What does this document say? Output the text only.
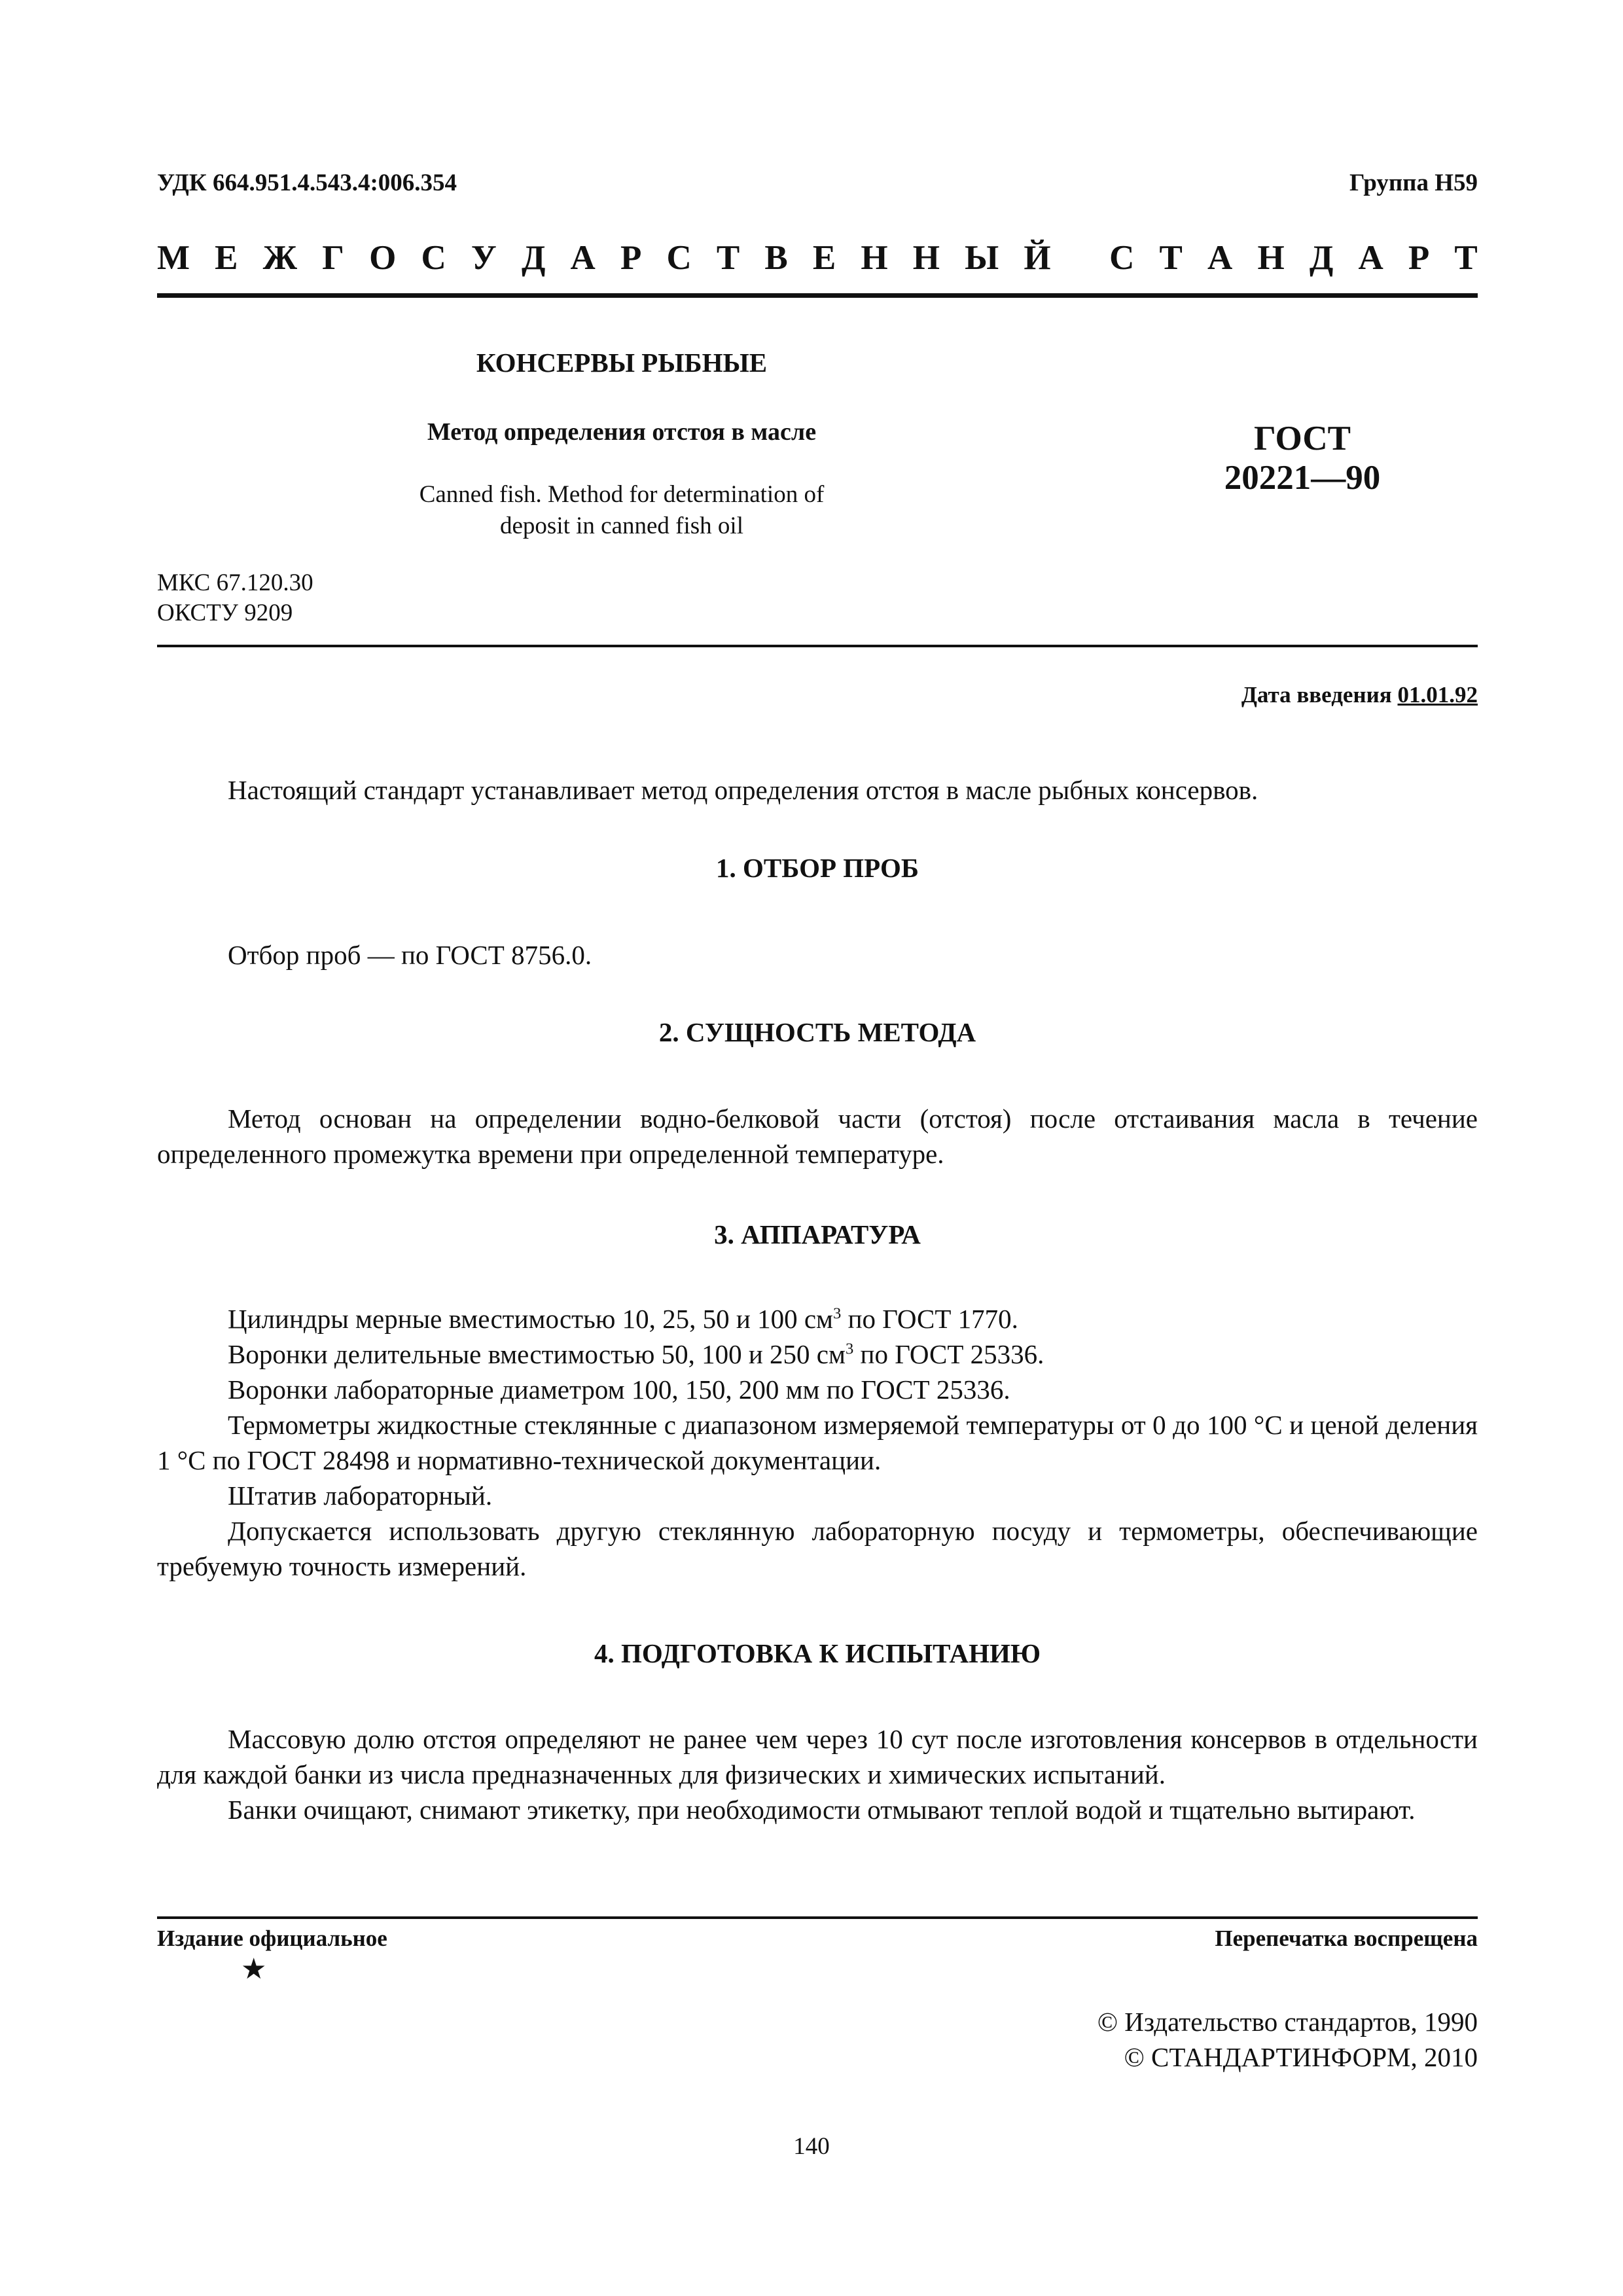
УДК 664.951.4.543.4:006.354	Группа Н59
М Е Ж Г О С У Д А Р С Т В Е Н Н Ы Й
С Т А Н Д А Р Т
КОНСЕРВЫ РЫБНЫЕ
Метод определения отстоя в масле
Canned fish. Method for determination of
deposit in canned fish oil
ГОСТ
20221—90
МКС 67.120.30
ОКСТУ 9209
Дата введения 01.01.92

Настоящий стандарт устанавливает метод определения отстоя в масле рыбных консервов.

1. ОТБОР ПРОБ

Отбор проб — по ГОСТ 8756.0.

2. СУЩНОСТЬ МЕТОДА

Метод основан на определении водно-белковой части (отстоя) после отстаивания масла в течение определенного промежутка времени при определенной температуре.

3. АППАРАТУРА

Цилиндры мерные вместимостью 10, 25, 50 и 100 $см^3$ по ГОСТ 1770.

Воронки делительные вместимостью 50, 100 и 250 $см^3$ по ГОСТ 25336.

Воронки лабораторные диаметром 100, 150, 200 мм по ГОСТ 25336.

Термометры жидкостные стеклянные с диапазоном измеряемой температуры от 0 до 100 °С и ценой деления 1 °С по ГОСТ 28498 и нормативно-технической документации.

Штатив лабораторный.

Допускается использовать другую стеклянную лабораторную посуду и термометры, обеспечивающие требуемую точность измерений.

4. ПОДГОТОВКА К ИСПЫТАНИЮ

Массовую долю отстоя определяют не ранее чем через 10 сут после изготовления консервов в отдельности для каждой банки из числа предназначенных для физических и химических испытаний.

Банки очищают, снимают этикетку, при необходимости отмывают теплой водой и тщательно вытирают.

Издание официальное
★
Перепечатка воспрещена
© Издательство стандартов, 1990
© СТАНДАРТИНФОРМ, 2010
140
